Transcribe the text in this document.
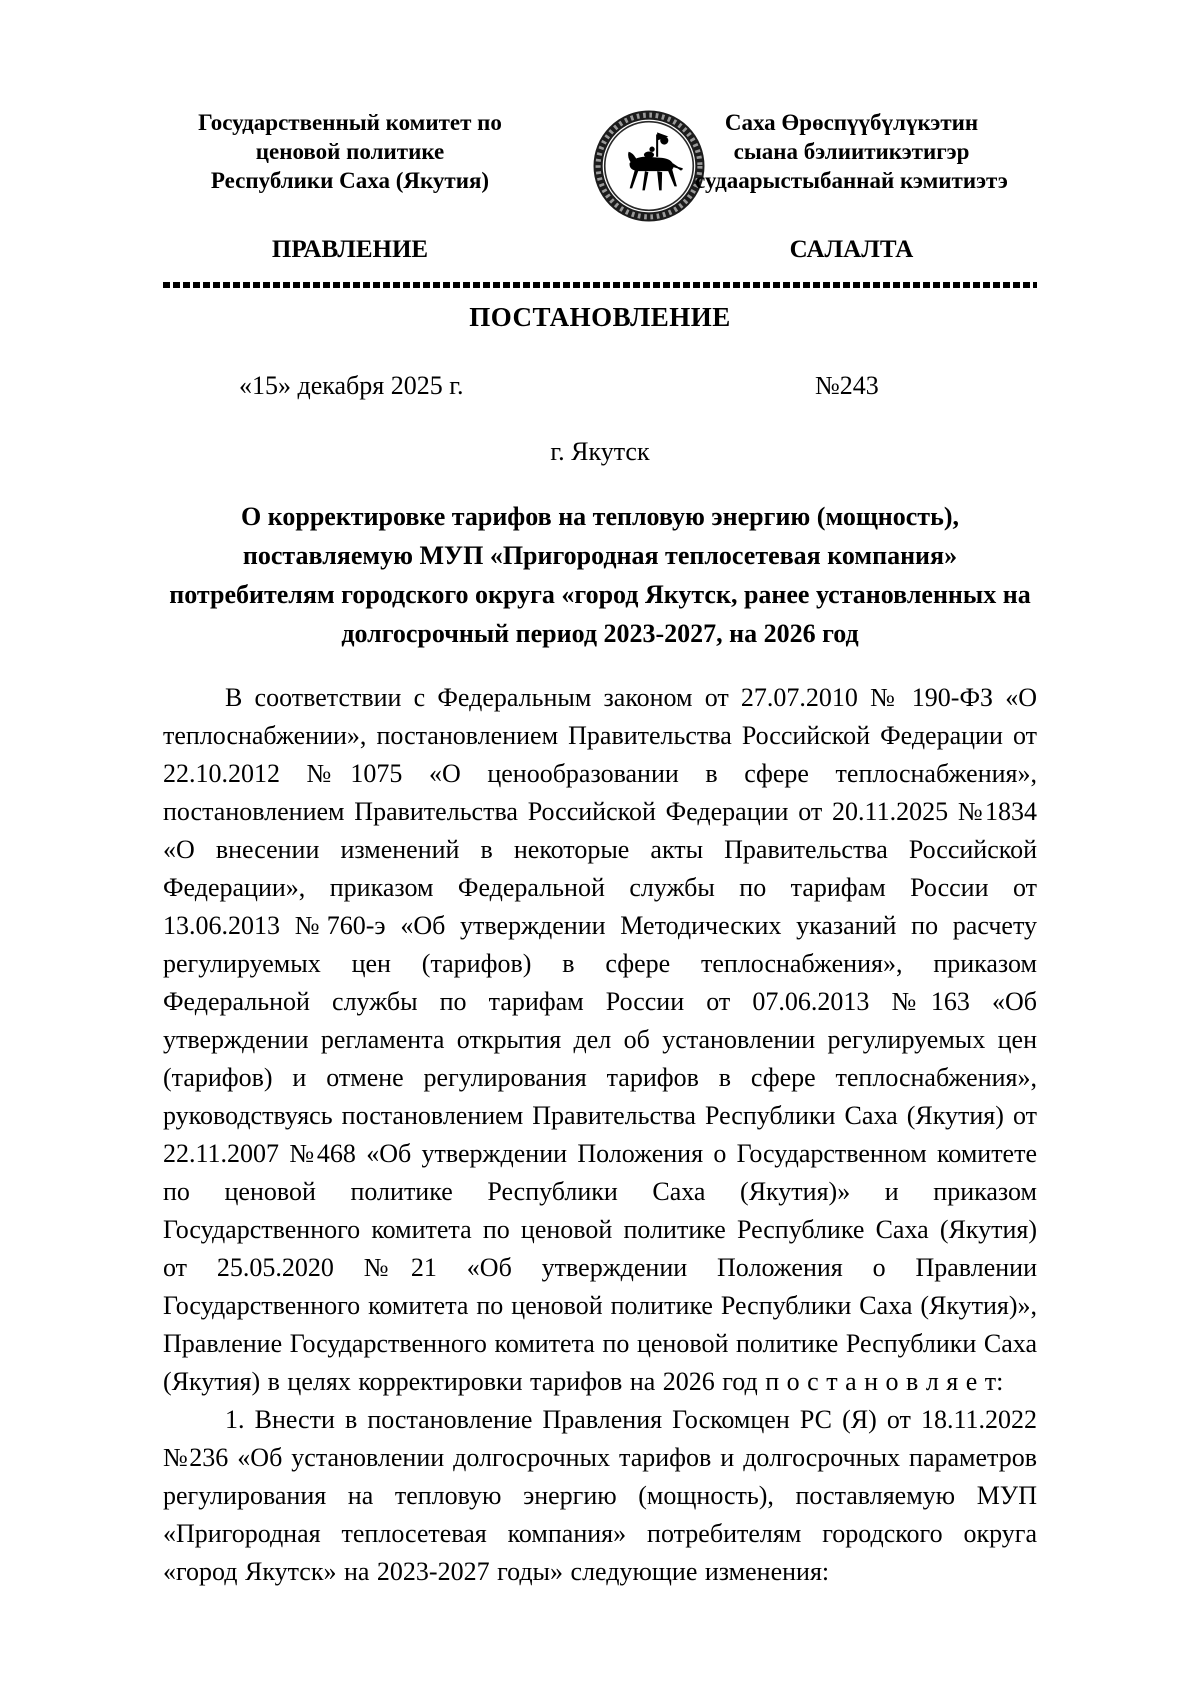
Государственный комитет по
ценовой политике
Республики Саха (Якутия)
Саха Өрөспүүбүлүкэтин
сыана бэлиитикэтигэр
судаарыстыбаннай кэмитиэтэ
ПРАВЛЕНИЕ	САЛАЛТА
ПОСТАНОВЛЕНИЕ
«15» декабря 2025 г.	№243
г. Якутск
О корректировке тарифов на тепловую энергию (мощность), поставляемую МУП «Пригородная теплосетевая компания» потребителям городского округа «город Якутск, ранее установленных на долгосрочный период 2023-2027, на 2026 год

В соответствии с Федеральным законом от 27.07.2010 № 190-ФЗ «О теплоснабжении», постановлением Правительства Российской Федерации от 22.10.2012 №1075 «О ценообразовании в сфере теплоснабжения», постановлением Правительства Российской Федерации от 20.11.2025 №1834 «О внесении изменений в некоторые акты Правительства Российской Федерации», приказом Федеральной службы по тарифам России от 13.06.2013 №760-э «Об утверждении Методических указаний по расчету регулируемых цен (тарифов) в сфере теплоснабжения», приказом Федеральной службы по тарифам России от 07.06.2013 №163 «Об утверждении регламента открытия дел об установлении регулируемых цен (тарифов) и отмене регулирования тарифов в сфере теплоснабжения», руководствуясь постановлением Правительства Республики Саха (Якутия) от 22.11.2007 №468 «Об утверждении Положения о Государственном комитете по ценовой политике Республики Саха (Якутия)» и приказом Государственного комитета по ценовой политике Республике Саха (Якутия) от 25.05.2020 №21 «Об утверждении Положения о Правлении Государственного комитета по ценовой политике Республики Саха (Якутия)», Правление Государственного комитета по ценовой политике Республики Саха (Якутия) в целях корректировки тарифов на 2026 год п о с т а н о в л я е т:

1. Внести в постановление Правления Госкомцен РС (Я) от 18.11.2022 №236 «Об установлении долгосрочных тарифов и долгосрочных параметров регулирования на тепловую энергию (мощность), поставляемую МУП «Пригородная теплосетевая компания» потребителям городского округа «город Якутск» на 2023-2027 годы» следующие изменения:
